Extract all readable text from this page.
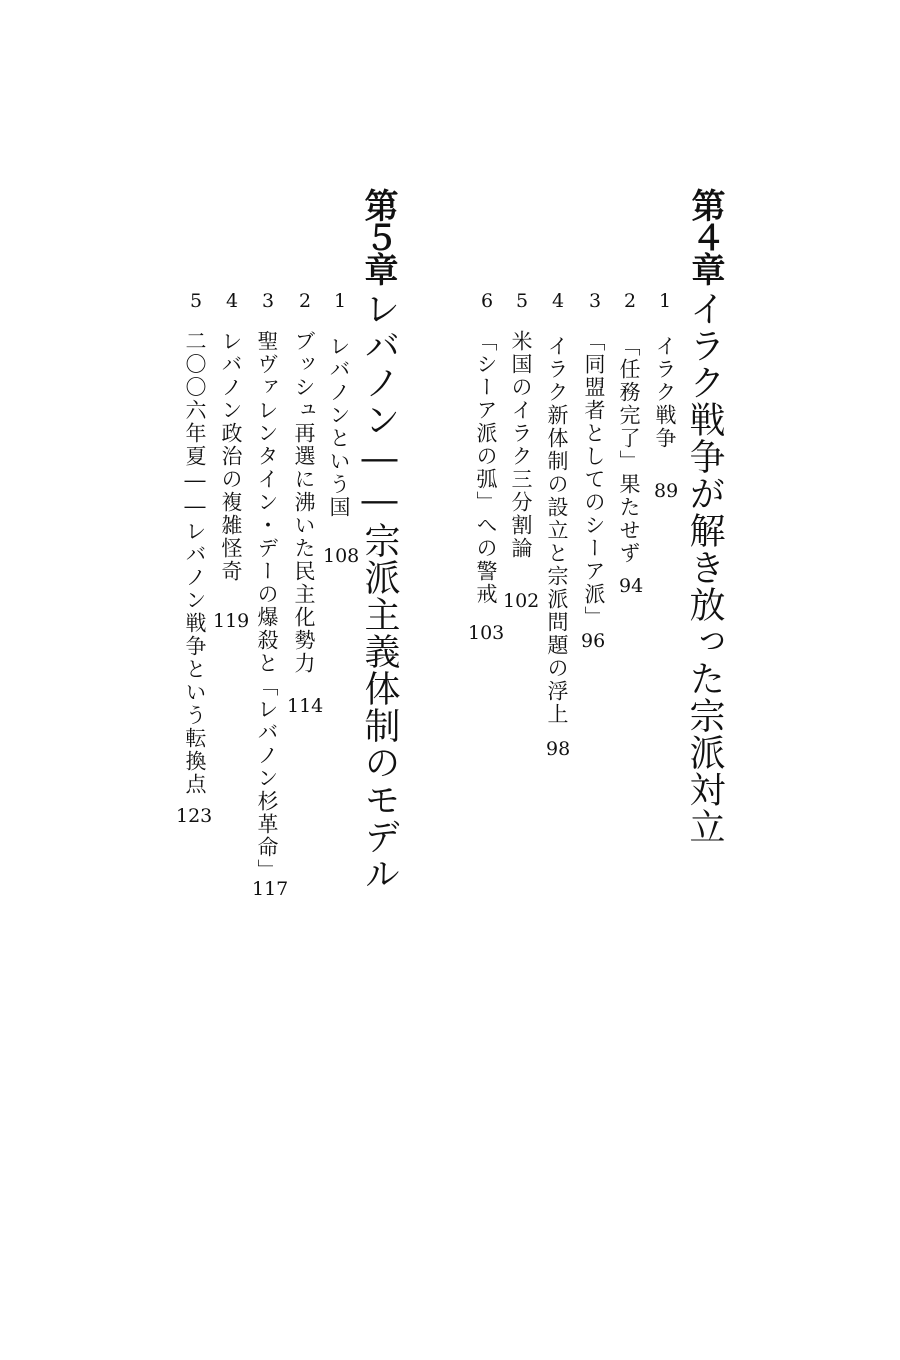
第４章
イラク戦争が解き放った宗派対立
1
イラク戦争
89
2
「任務完了」果たせず
94
3
「同盟者としてのシーア派」
96
4
イラク新体制の設立と宗派問題の浮上
98
5
米国のイラク三分割論
102
6
「シーア派の弧」への警戒
103
第５章
レバノン――宗派主義体制のモデル
1
レバノンという国
108
2
ブッシュ再選に沸いた民主化勢力
114
3
聖ヴァレンタイン・デーの爆殺と「レバノン杉革命」
117
4
レバノン政治の複雑怪奇
119
5
二〇〇六年夏――レバノン戦争という転換点
123
